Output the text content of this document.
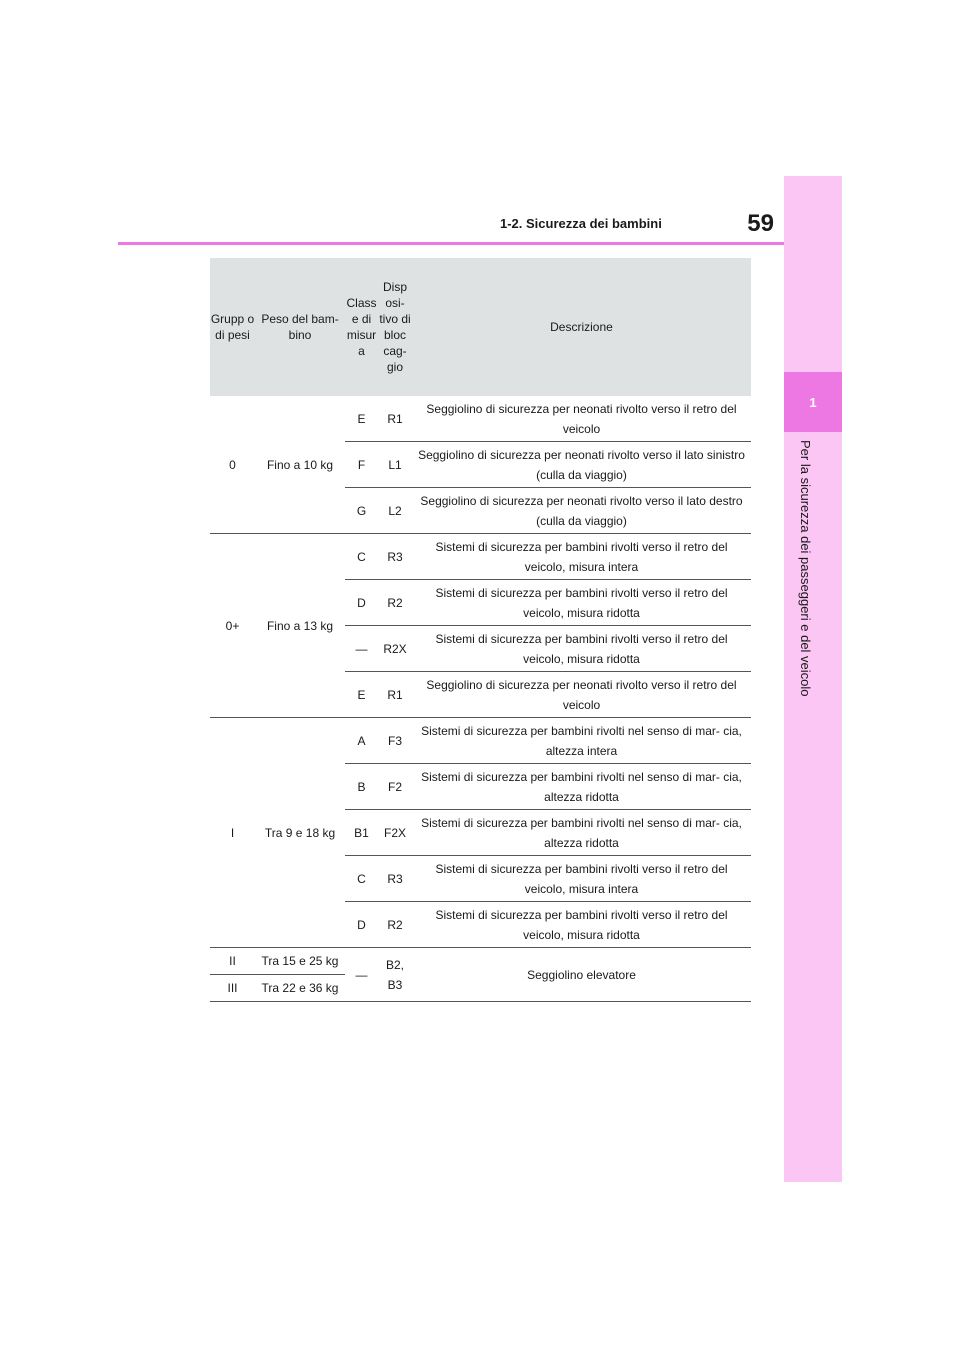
1
Per la sicurezza dei passeggeri e del veicolo
1-2. Sicurezza dei bambini	59
Grupp o di pesi	Peso del bam- bino	Class e di misur a	Disp osi- tivo di bloc cag- gio	Descrizione
0	Fino a 10 kg	E	R1	Seggiolino di sicurezza per neonati rivolto verso il retro del veicolo
		F	L1	Seggiolino di sicurezza per neonati rivolto verso il lato sinistro (culla da viaggio)
		G	L2	Seggiolino di sicurezza per neonati rivolto verso il lato destro (culla da viaggio)
0+	Fino a 13 kg	C	R3	Sistemi di sicurezza per bambini rivolti verso il retro del veicolo, misura intera
		D	R2	Sistemi di sicurezza per bambini rivolti verso il retro del veicolo, misura ridotta
		—	R2X	Sistemi di sicurezza per bambini rivolti verso il retro del veicolo, misura ridotta
		E	R1	Seggiolino di sicurezza per neonati rivolto verso il retro del veicolo
I	Tra 9 e 18 kg	A	F3	Sistemi di sicurezza per bambini rivolti nel senso di mar- cia, altezza intera
		B	F2	Sistemi di sicurezza per bambini rivolti nel senso di mar- cia, altezza ridotta
		B1	F2X	Sistemi di sicurezza per bambini rivolti nel senso di mar- cia, altezza ridotta
		C	R3	Sistemi di sicurezza per bambini rivolti verso il retro del veicolo, misura intera
		D	R2	Sistemi di sicurezza per bambini rivolti verso il retro del veicolo, misura ridotta
II	Tra 15 e 25 kg	—	B2, B3	Seggiolino elevatore
III	Tra 22 e 36 kg			
